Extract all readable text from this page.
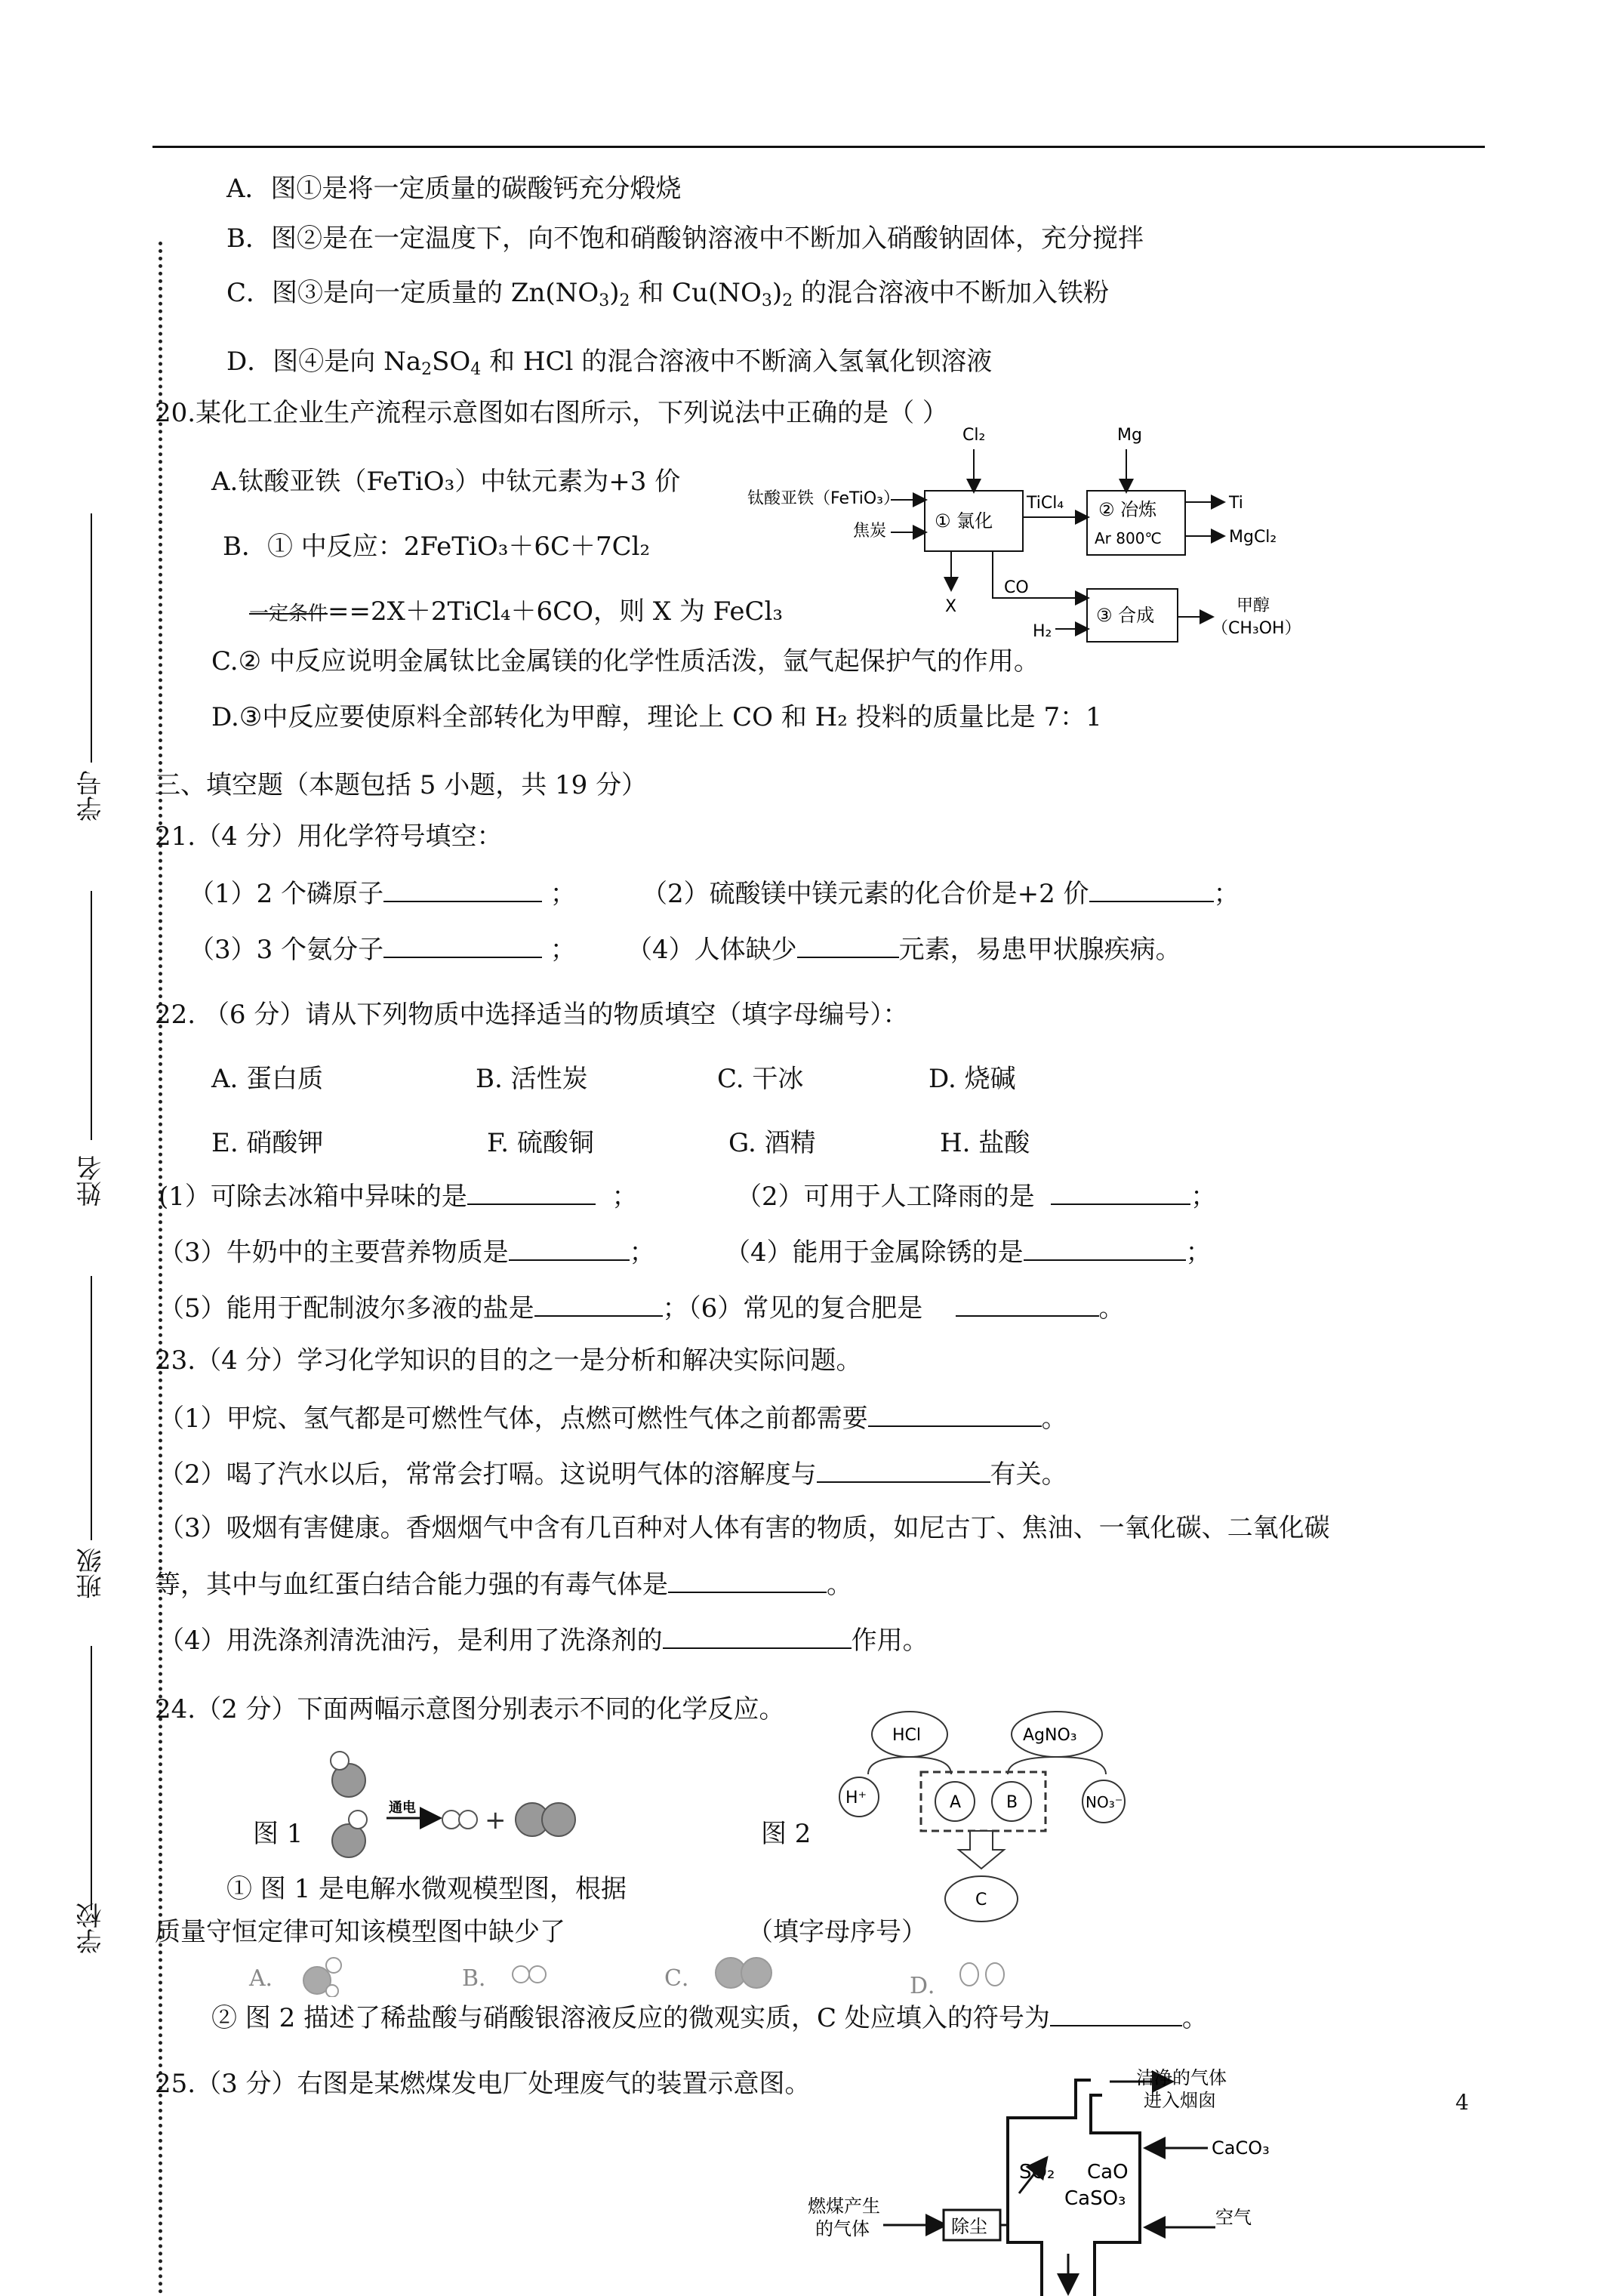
学号
姓名
班级
学校
A．图①是将一定质量的碳酸钙充分煅烧
B．图②是在一定温度下，向不饱和硝酸钠溶液中不断加入硝酸钠固体，充分搅拌
C．图③是向一定质量的 $Zn(NO_3)_2$ 和 $Cu(NO_3)_2$ 的混合溶液中不断加入铁粉
D．图④是向 $Na_2SO_4$ 和 HCl 的混合溶液中不断滴入氢氧化钡溶液
20.某化工企业生产流程示意图如右图所示，下列说法中正确的是（ ）
A.钛酸亚铁（FeTiO₃）中钛元素为+3 价
B．① 中反应：2FeTiO₃＋6C＋7Cl₂
一定条件==2X＋2TiCl₄＋6CO，则 X 为 FeCl₃
C.② 中反应说明金属钛比金属镁的化学性质活泼，氩气起保护气的作用。
D.③中反应要使原料全部转化为甲醇，理论上 CO 和 H₂ 投料的质量比是 7：1
Cl₂	Mg
钛酸亚铁（FeTiO₃）
焦炭	① 氯化
TiCl₄ ② 冶炼
Ar 800℃
Ti
MgCl₂
X
CO
H₂
③ 合成	甲醇
（CH₃OH）
三、填空题（本题包括 5 小题，共 19 分）
21.（4 分）用化学符号填空：
（1）2 个磷原子	；	（2）硫酸镁中镁元素的化合价是+2 价	；
（3）3 个氨分子	； （4）人体缺少	元素，易患甲状腺疾病。
22. （6 分）请从下列物质中选择适当的物质填空（填字母编号）：
A. 蛋白质	B. 活性炭	C. 干冰	D. 烧碱
E. 硝酸钾	F. 硫酸铜	G. 酒精	H. 盐酸
(1）可除去冰箱中异味的是	；	（2）可用于人工降雨的是	；
（3）牛奶中的主要营养物质是	；	（4）能用于金属除锈的是	；
（5）能用于配制波尔多液的盐是	；（6）常见的复合肥是	。
23.（4 分）学习化学知识的目的之一是分析和解决实际问题。
（1）甲烷、氢气都是可燃性气体，点燃可燃性气体之前都需要	。
（2）喝了汽水以后，常常会打嗝。这说明气体的溶解度与	有关。
（3）吸烟有害健康。香烟烟气中含有几百种对人体有害的物质，如尼古丁、焦油、一氧化碳、二氧化碳
等，其中与血红蛋白结合能力强的有毒气体是	。
（4）用洗涤剂清洗油污，是利用了洗涤剂的	作用。
24.（2 分）下面两幅示意图分别表示不同的化学反应。
通电	+
图 1	图 2
HCl	AgNO₃
H⁺	A	B	NO₃⁻
C
① 图 1 是电解水微观模型图，根据
质量守恒定律可知该模型图中缺少了	（填字母序号）
A．	B．	C．	D．
② 图 2 描述了稀盐酸与硝酸银溶液反应的微观实质，C 处应填入的符号为	。
25.（3 分）右图是某燃煤发电厂处理废气的装置示意图。	洁净的气体
进入烟囱
CaCO₃
SO₂ CaO
CaSO₃
燃煤产生
的气体	除尘	空气
4
